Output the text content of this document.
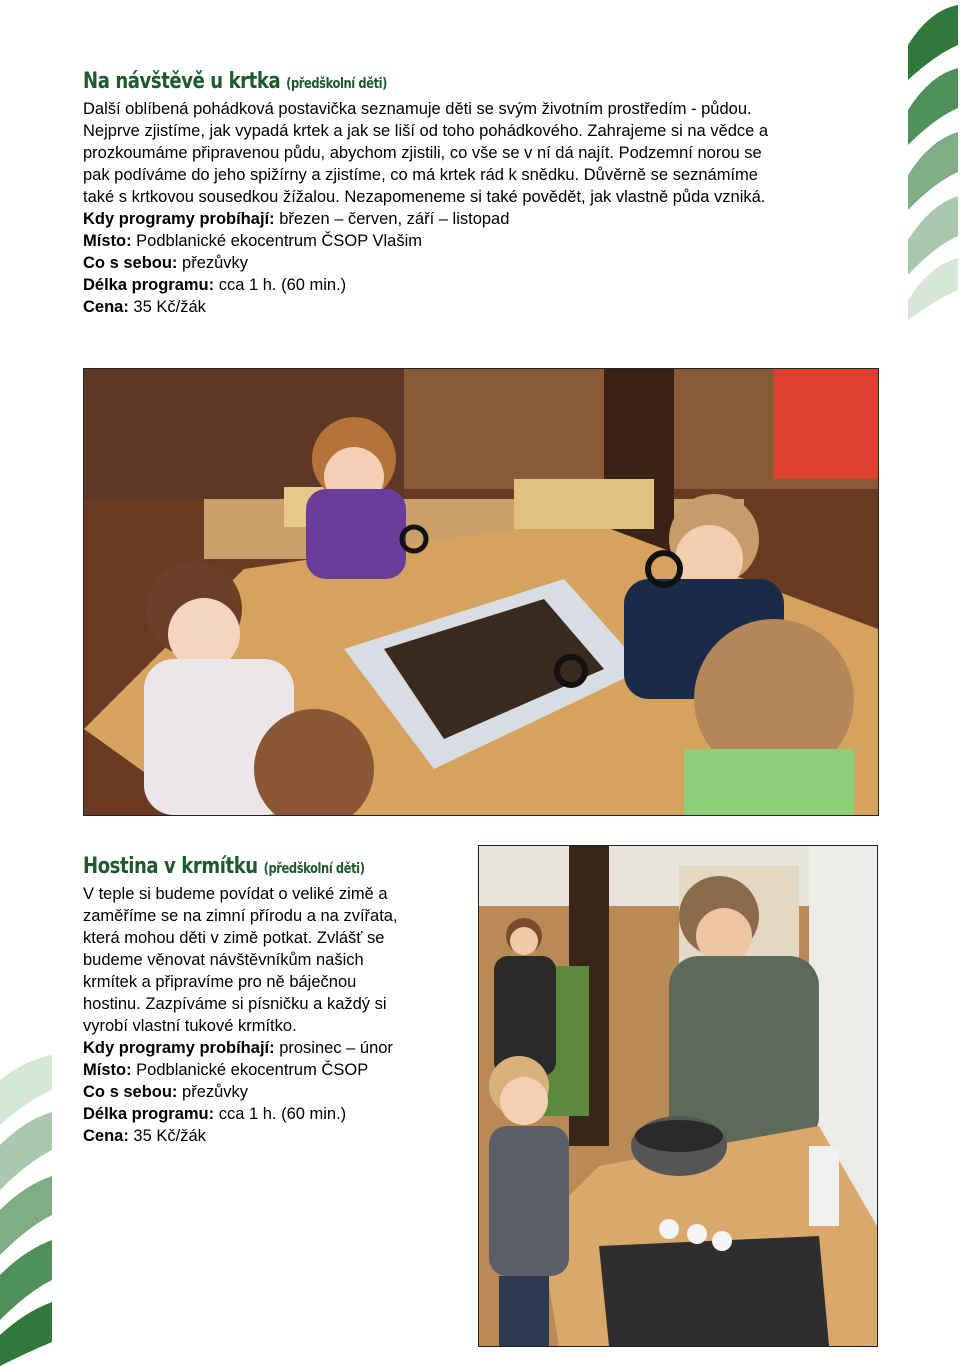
Na návštěvě u krtka (předškolní děti)
Další oblíbená pohádková postavička seznamuje děti se svým životním prostředím - půdou.
Nejprve zjistíme, jak vypadá krtek a jak se liší od toho pohádkového. Zahrajeme si na vědce a
prozkoumáme připravenou půdu, abychom zjistili, co vše se v ní dá najít. Podzemní norou se
pak podíváme do jeho spižírny a zjistíme, co má krtek rád k snědku. Důvěrně se seznámíme
také s krtkovou sousedkou žížalou. Nezapomeneme si také povědět, jak vlastně půda vzniká.
Kdy programy probíhají: březen – červen, září – listopad
Místo: Podblanické ekocentrum ČSOP Vlašim
Co s sebou: přezůvky
Délka programu: cca 1 h. (60 min.)
Cena: 35 Kč/žák
Hostina v krmítku (předškolní děti)
V teple si budeme povídat o veliké zimě a
zaměříme se na zimní přírodu a na zvířata,
která mohou děti v zimě potkat. Zvlášť se
budeme věnovat návštěvníkům našich
krmítek a připravíme pro ně báječnou
hostinu. Zazpíváme si písničku a každý si
vyrobí vlastní tukové krmítko.
Kdy programy probíhají: prosinec – únor
Místo: Podblanické ekocentrum ČSOP
Co s sebou: přezůvky
Délka programu: cca 1 h. (60 min.)
Cena: 35 Kč/žák
